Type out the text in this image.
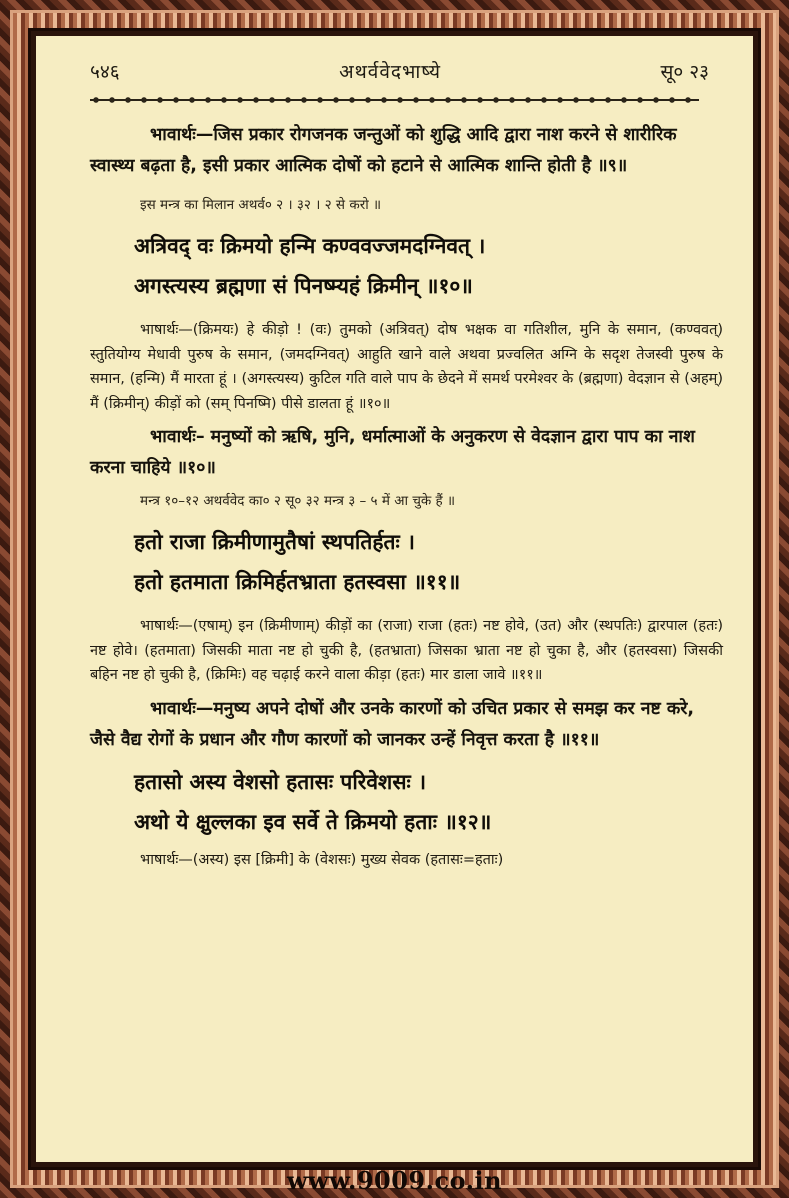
५४६	अथर्ववेदभाष्ये	सू० २३

भावार्थः—जिस प्रकार रोगजनक जन्तुओं को शुद्धि आदि द्वारा नाश करने से शारीरिक स्वास्थ्य बढ़ता है, इसी प्रकार आत्मिक दोषों को हटाने से आत्मिक शान्ति होती है ॥९॥

इस मन्त्र का मिलान अथर्व० २ । ३२ । २ से करो ॥

अत्रिवद् वः क्रिमयो हन्मि कण्ववज्जमदग्निवत् ।

अगस्त्यस्य ब्रह्मणा सं पिनष्म्यहं क्रिमीन् ॥१०॥

भाषार्थः—(क्रिमयः) हे कीड़ो ! (वः) तुमको (अत्रिवत्) दोष भक्षक वा गतिशील, मुनि के समान, (कण्ववत्) स्तुतियोग्य मेधावी पुरुष के समान, (जमदग्निवत्) आहुति खाने वाले अथवा प्रज्वलित अग्नि के सदृश तेजस्वी पुरुष के समान, (हन्मि) मैं मारता हूं । (अगस्त्यस्य) कुटिल गति वाले पाप के छेदने में समर्थ परमेश्वर के (ब्रह्मणा) वेदज्ञान से (अहम्) मैं (क्रिमीन्) कीड़ों को (सम् पिनष्मि) पीसे डालता हूं ॥१०॥

भावार्थः– मनुष्यों को ऋषि, मुनि, धर्मात्माओं के अनुकरण से वेदज्ञान द्वारा पाप का नाश करना चाहिये ॥१०॥

मन्त्र १०–१२ अथर्ववेद का० २ सू० ३२ मन्त्र ३ – ५ में आ चुके हैं ॥

हतो राजा क्रिमीणामुतैषां स्थपतिर्हतः ।

हतो हतमाता क्रिमिर्हतभ्राता हतस्वसा ॥११॥

भाषार्थः—(एषाम्) इन (क्रिमीणाम्) कीड़ों का (राजा) राजा (हतः) नष्ट होवे, (उत) और (स्थपतिः) द्वारपाल (हतः) नष्ट होवे। (हतमाता) जिसकी माता नष्ट हो चुकी है, (हतभ्राता) जिसका भ्राता नष्ट हो चुका है, और (हतस्वसा) जिसकी बहिन नष्ट हो चुकी है, (क्रिमिः) वह चढ़ाई करने वाला कीड़ा (हतः) मार डाला जावे ॥११॥

भावार्थः—मनुष्य अपने दोषों और उनके कारणों को उचित प्रकार से समझ कर नष्ट करे, जैसे वैद्य रोगों के प्रधान और गौण कारणों को जानकर उन्हें निवृत्त करता है ॥११॥

हतासो अस्य वेशसो हतासः परिवेशसः ।

अथो ये क्षुल्लका इव सर्वे ते क्रिमयो हताः ॥१२॥

भाषार्थः—(अस्य) इस [क्रिमी] के (वेशसः) मुख्य सेवक (हतासः=हताः)

www.9009.co.in
